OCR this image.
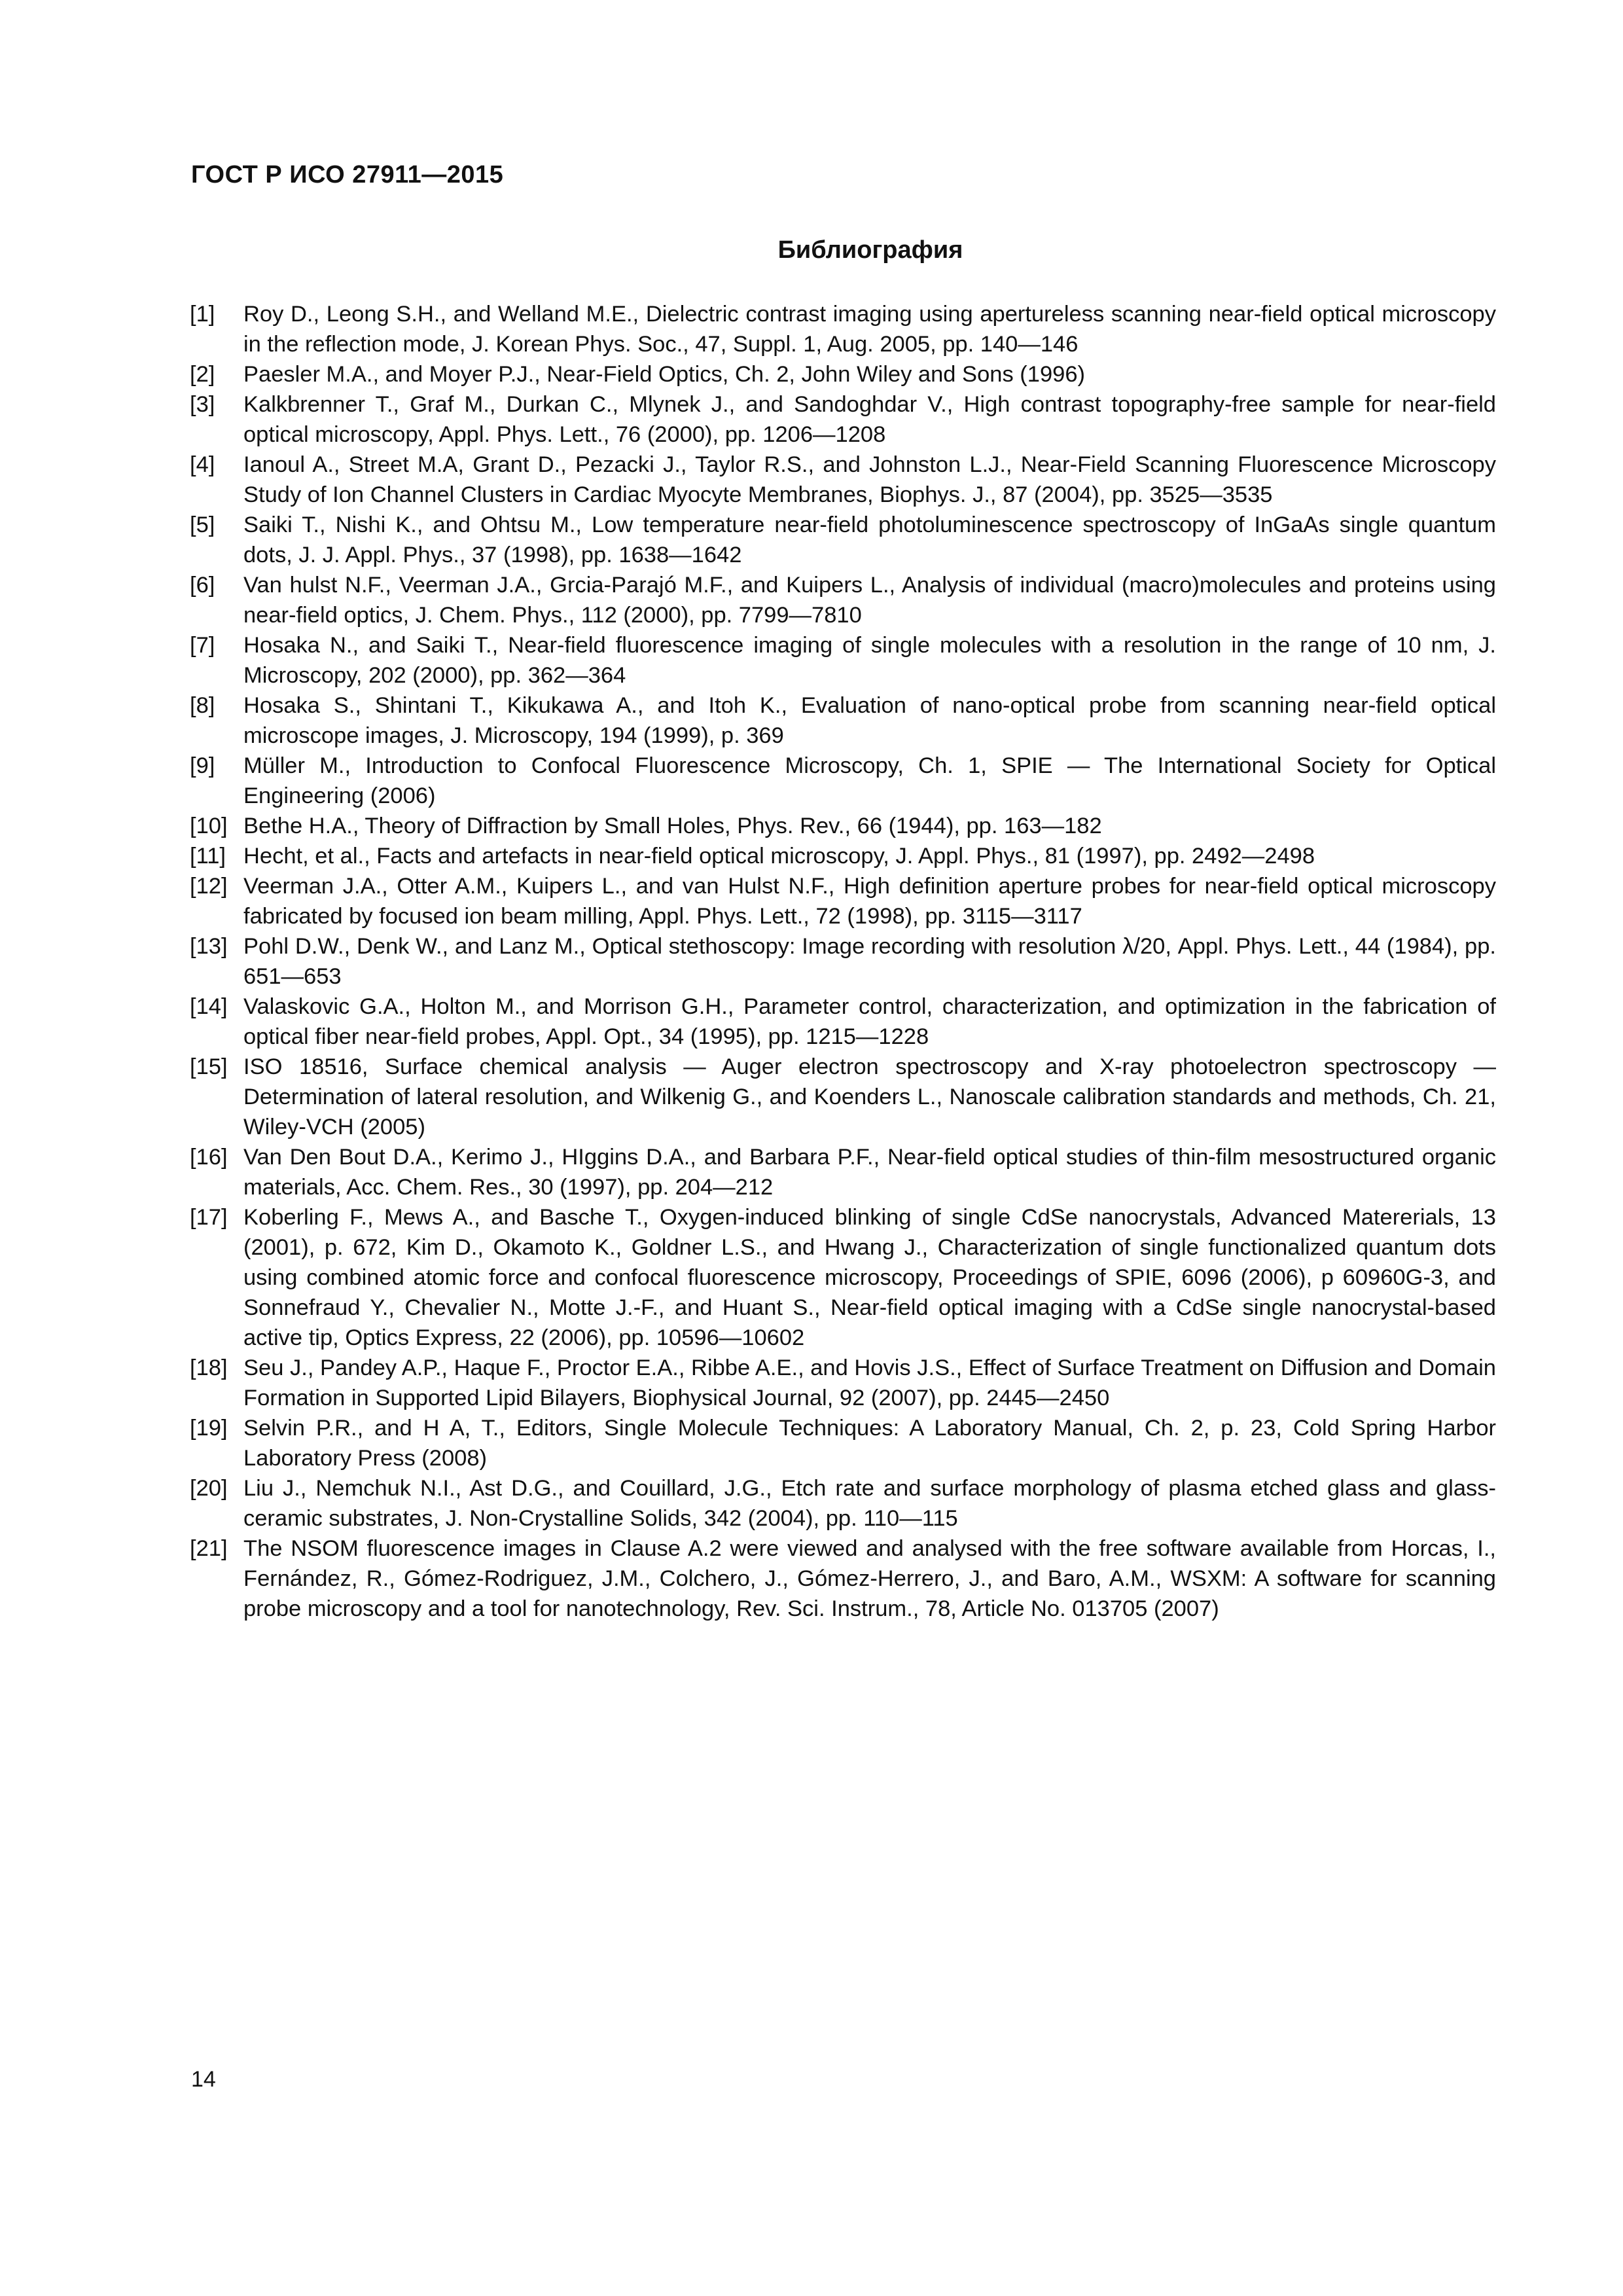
ГОСТ Р ИСО 27911—2015
Библиография
[1]	Roy D., Leong S.H., and Welland M.E., Dielectric contrast imaging using apertureless scanning near-field optical microscopy in the reflection mode, J. Korean Phys. Soc., 47, Suppl. 1, Aug. 2005, pp. 140—146
[2]	Paesler M.A., and Moyer P.J., Near-Field Optics, Ch. 2, John Wiley and Sons (1996)
[3]	Kalkbrenner T., Graf M., Durkan C., Mlynek J., and Sandoghdar V., High contrast topography-free sample for near-field optical microscopy, Appl. Phys. Lett., 76 (2000), pp. 1206—1208
[4]	Ianoul A., Street M.A, Grant D., Pezacki J., Taylor R.S., and Johnston L.J., Near-Field Scanning Fluorescence Microscopy Study of Ion Channel Clusters in Cardiac Myocyte Membranes, Biophys. J., 87 (2004), pp. 3525—3535
[5]	Saiki T., Nishi K., and Ohtsu M., Low temperature near-field photoluminescence spectroscopy of InGaAs single quantum dots, J. J. Appl. Phys., 37 (1998), pp. 1638—1642
[6]	Van hulst N.F., Veerman J.A., Grcia-Parajó M.F., and Kuipers L., Analysis of individual (macro)molecules and proteins using near-field optics, J. Chem. Phys., 112 (2000), pp. 7799—7810
[7]	Hosaka N., and Saiki T., Near-field fluorescence imaging of single molecules with a resolution in the range of 10 nm, J. Microscopy, 202 (2000), pp. 362—364
[8]	Hosaka S., Shintani T., Kikukawa A., and Itoh K., Evaluation of nano-optical probe from scanning near-field optical microscope images, J. Microscopy, 194 (1999), p. 369
[9]	Müller M., Introduction to Confocal Fluorescence Microscopy, Ch. 1, SPIE — The International Society for Optical Engineering (2006)
[10] Bethe H.A., Theory of Diffraction by Small Holes, Phys. Rev., 66 (1944), pp. 163—182
[11] Hecht, et al., Facts and artefacts in near-field optical microscopy, J. Appl. Phys., 81 (1997), pp. 2492—2498
[12] Veerman J.A., Otter A.M., Kuipers L., and van Hulst N.F., High definition aperture probes for near-field optical microscopy fabricated by focused ion beam milling, Appl. Phys. Lett., 72 (1998), pp. 3115—3117
[13] Pohl D.W., Denk W., and Lanz M., Optical stethoscopy: Image recording with resolution λ/20, Appl. Phys. Lett., 44 (1984), pp. 651—653
[14] Valaskovic G.A., Holton M., and Morrison G.H., Parameter control, characterization, and optimization in the fabrication of optical fiber near-field probes, Appl. Opt., 34 (1995), pp. 1215—1228
[15] ISO 18516, Surface chemical analysis — Auger electron spectroscopy and X-ray photoelectron spectroscopy — Determination of lateral resolution, and Wilkenig G., and Koenders L., Nanoscale calibration standards and methods, Ch. 21, Wiley-VCH (2005)
[16] Van Den Bout D.A., Kerimo J., HIggins D.A., and Barbara P.F., Near-field optical studies of thin-film mesostructured organic materials, Acc. Chem. Res., 30 (1997), pp. 204—212
[17] Koberling F., Mews A., and Basche T., Oxygen-induced blinking of single CdSe nanocrystals, Advanced Matererials, 13 (2001), p. 672, Kim D., Okamoto K., Goldner L.S., and Hwang J., Characterization of single functionalized quantum dots using combined atomic force and confocal fluorescence microscopy, Proceedings of SPIE, 6096 (2006), p 60960G-3, and Sonnefraud Y., Chevalier N., Motte J.-F., and Huant S., Near-field optical imaging with a CdSe single nanocrystal-based active tip, Optics Express, 22 (2006), pp. 10596—10602
[18] Seu J., Pandey A.P., Haque F., Proctor E.A., Ribbe A.E., and Hovis J.S., Effect of Surface Treatment on Diffusion and Domain Formation in Supported Lipid Bilayers, Biophysical Journal, 92 (2007), pp. 2445—2450
[19] Selvin P.R., and H A, T., Editors, Single Molecule Techniques: A Laboratory Manual, Ch. 2, p. 23, Cold Spring Harbor Laboratory Press (2008)
[20] Liu J., Nemchuk N.I., Ast D.G., and Couillard, J.G., Etch rate and surface morphology of plasma etched glass and glass-ceramic substrates, J. Non-Crystalline Solids, 342 (2004), pp. 110—115
[21] The NSOM fluorescence images in Clause A.2 were viewed and analysed with the free software available from Horcas, I., Fernández, R., Gómez-Rodriguez, J.M., Colchero, J., Gómez-Herrero, J., and Baro, A.M., WSXM: A software for scanning probe microscopy and a tool for nanotechnology, Rev. Sci. Instrum., 78, Article No. 013705 (2007)
14
